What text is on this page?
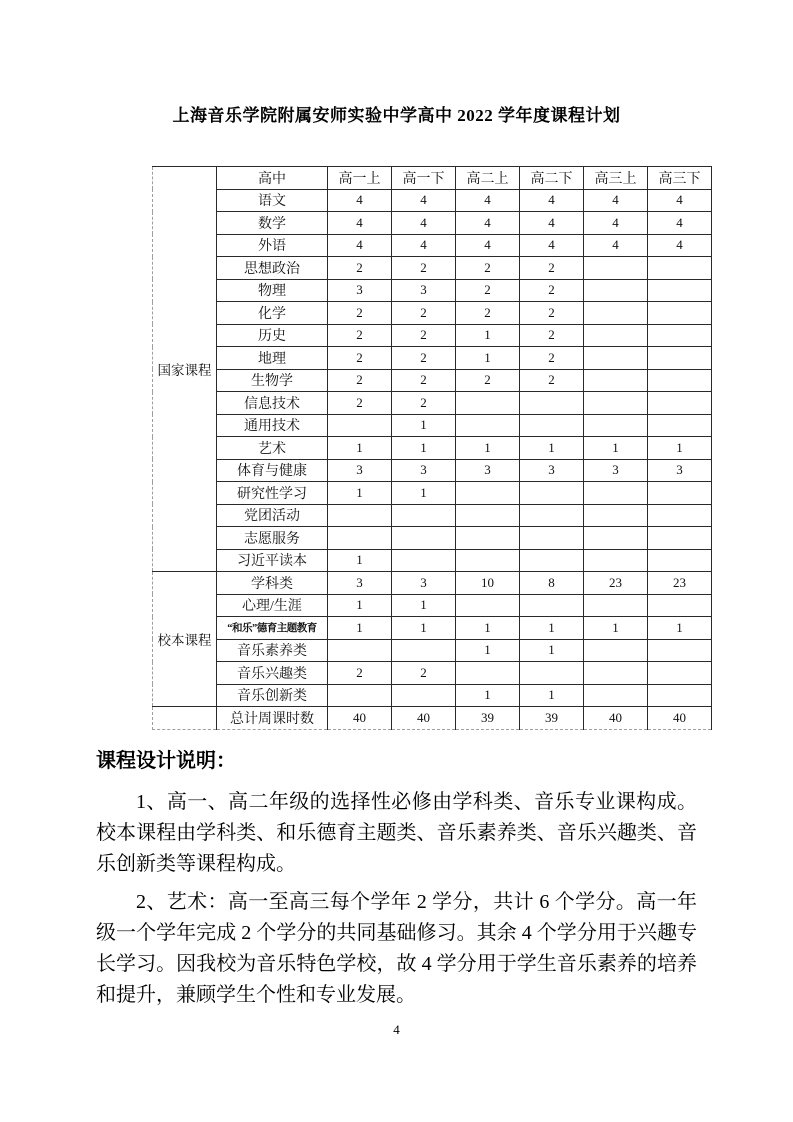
上海音乐学院附属安师实验中学高中 2022 学年度课程计划
国家课程	高中	高一上	高一下	高二上	高二下	高三上	高三下
	语文	4	4	4	4	4	4
	数学	4	4	4	4	4	4
	外语	4	4	4	4	4	4
	思想政治	2	2	2	2		
	物理	3	3	2	2		
	化学	2	2	2	2		
	历史	2	2	1	2		
	地理	2	2	1	2		
	生物学	2	2	2	2		
	信息技术	2	2				
	通用技术		1				
	艺术	1	1	1	1	1	1
	体育与健康	3	3	3	3	3	3
	研究性学习	1	1				
	党团活动						
	志愿服务						
	习近平读本	1					
校本课程	学科类	3	3	10	8	23	23
	心理/生涯	1	1				
	“和乐”德育主题教育	1	1	1	1	1	1
	音乐素养类			1	1		
	音乐兴趣类	2	2				
	音乐创新类			1	1		
	总计周课时数	40	40	39	39	40	40
课程设计说明：

1、高一、高二年级的选择性必修由学科类、音乐专业课构成。校本课程由学科类、和乐德育主题类、音乐素养类、音乐兴趣类、音乐创新类等课程构成。

2、艺术：高一至高三每个学年 2 学分，共计 6 个学分。高一年级一个学年完成 2 个学分的共同基础修习。其余 4 个学分用于兴趣专长学习。因我校为音乐特色学校，故 4 学分用于学生音乐素养的培养和提升，兼顾学生个性和专业发展。

4
